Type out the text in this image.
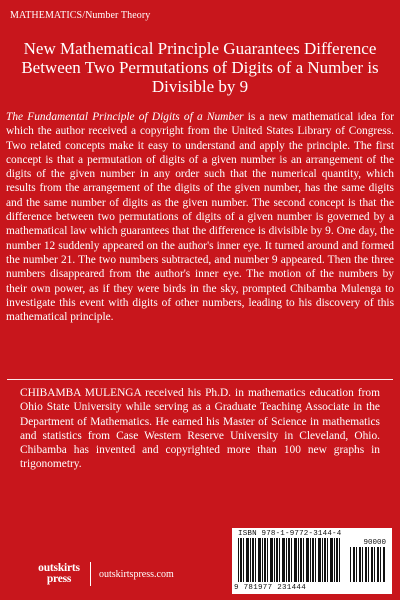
MATHEMATICS/Number Theory
New Mathematical Principle Guarantees Difference Between Two Permutations of Digits of a Number is Divisible by 9
The Fundamental Principle of Digits of a Number is a new mathematical idea for which the author received a copyright from the United States Library of Congress. Two related concepts make it easy to understand and apply the principle. The first concept is that a permutation of digits of a given number is an arrangement of the digits of the given number in any order such that the numerical quantity, which results from the arrangement of the digits of the given number, has the same digits and the same number of digits as the given number. The second concept is that the difference between two permutations of digits of a given number is governed by a mathematical law which guarantees that the difference is divisible by 9. One day, the number 12 suddenly appeared on the author's inner eye. It turned around and formed the number 21. The two numbers subtracted, and number 9 appeared. Then the three numbers disappeared from the author's inner eye. The motion of the numbers by their own power, as if they were birds in the sky, prompted Chibamba Mulenga to investigate this event with digits of other numbers, leading to his discovery of this mathematical principle.
CHIBAMBA MULENGA received his Ph.D. in mathematics education from Ohio State University while serving as a Graduate Teaching Associate in the Department of Mathematics. He earned his Master of Science in mathematics and statistics from Case Western Reserve University in Cleveland, Ohio. Chibamba has invented and copyrighted more than 100 new graphs in trigonometry.
ISBN 978-1-9772-3144-4
90000
9 781977 231444
outskirts
press	outskirtspress.com
